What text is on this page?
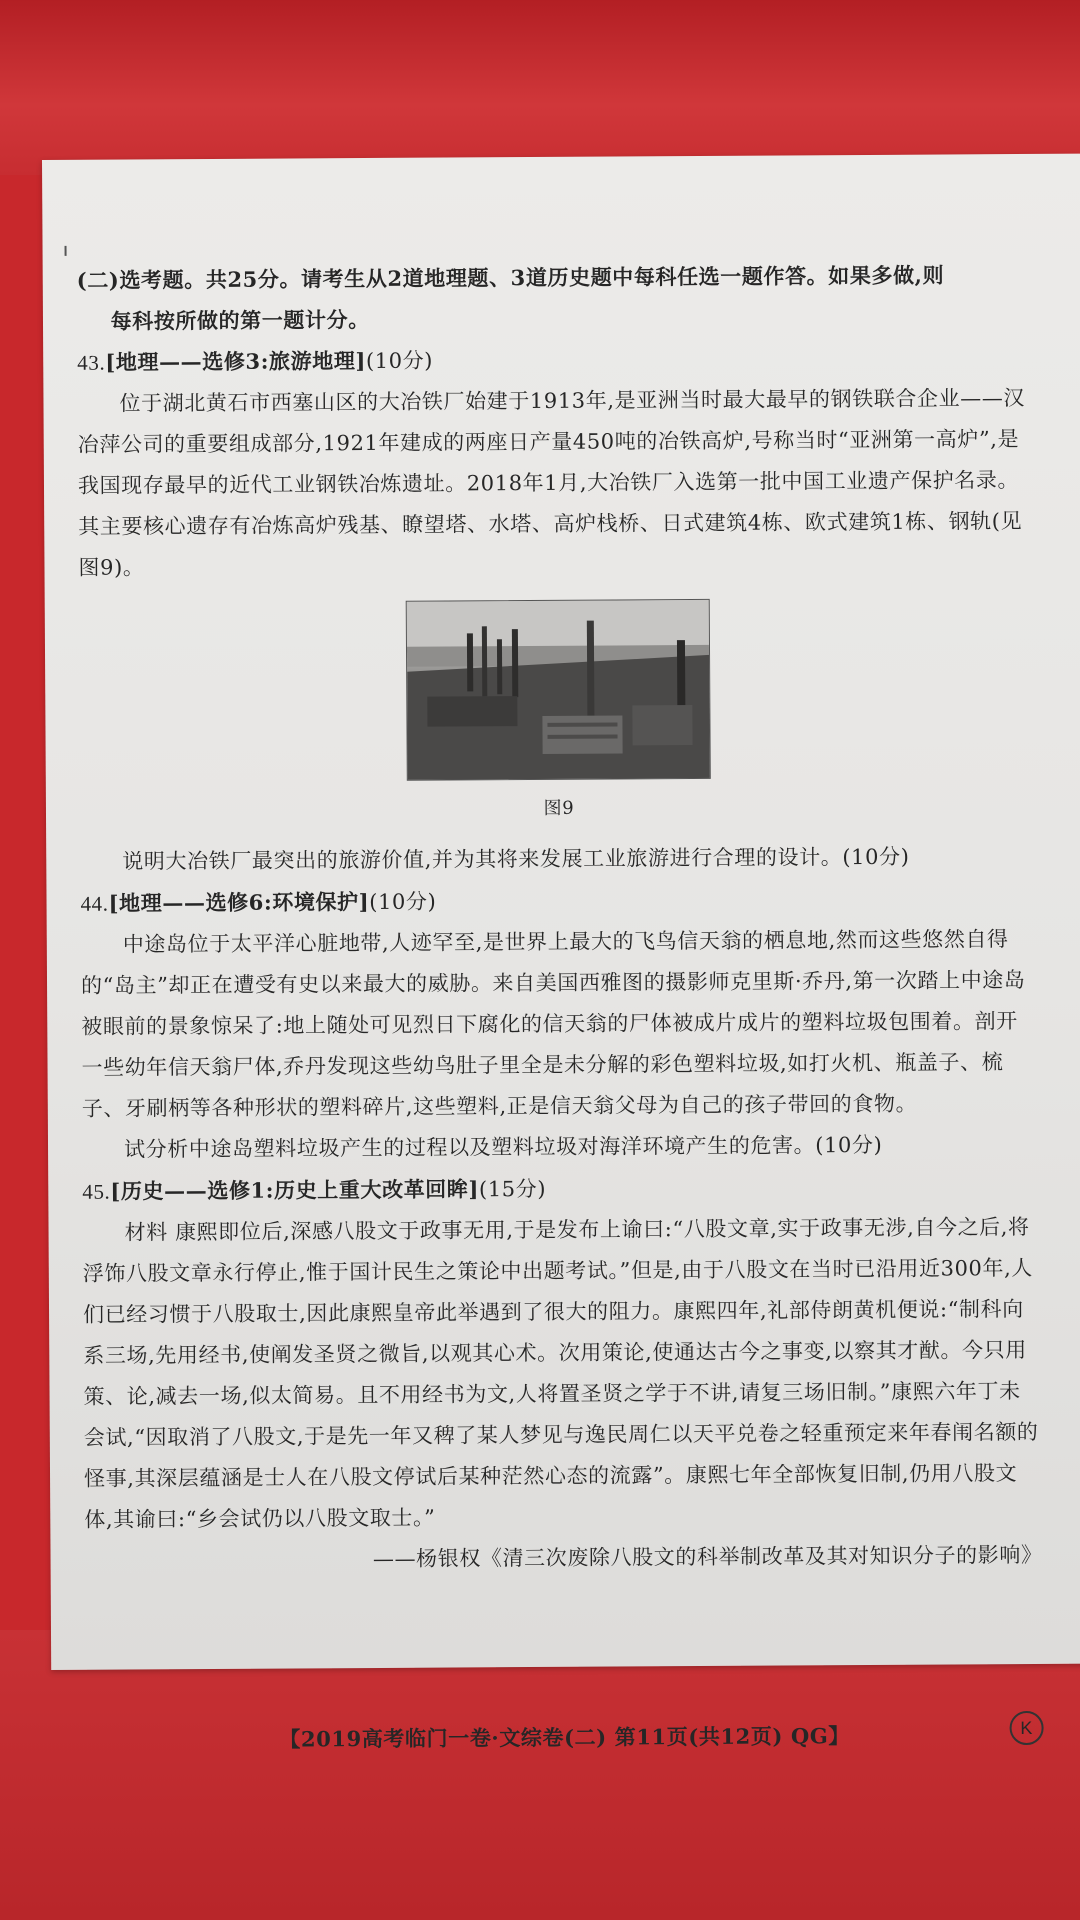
(二)选考题。共25分。请考生从2道地理题、3道历史题中每科任选一题作答。如果多做,则

每科按所做的第一题计分。

43.[地理——选修3:旅游地理](10分)

位于湖北黄石市西塞山区的大冶铁厂始建于1913年,是亚洲当时最大最早的钢铁联合企业——汉冶萍公司的重要组成部分,1921年建成的两座日产量450吨的冶铁高炉,号称当时“亚洲第一高炉”,是我国现存最早的近代工业钢铁冶炼遗址。2018年1月,大冶铁厂入选第一批中国工业遗产保护名录。其主要核心遗存有冶炼高炉残基、瞭望塔、水塔、高炉栈桥、日式建筑4栋、欧式建筑1栋、钢轨(见图9)。

图9

说明大冶铁厂最突出的旅游价值,并为其将来发展工业旅游进行合理的设计。(10分)

44.[地理——选修6:环境保护](10分)

中途岛位于太平洋心脏地带,人迹罕至,是世界上最大的飞鸟信天翁的栖息地,然而这些悠然自得的“岛主”却正在遭受有史以来最大的威胁。来自美国西雅图的摄影师克里斯·乔丹,第一次踏上中途岛被眼前的景象惊呆了:地上随处可见烈日下腐化的信天翁的尸体被成片成片的塑料垃圾包围着。剖开一些幼年信天翁尸体,乔丹发现这些幼鸟肚子里全是未分解的彩色塑料垃圾,如打火机、瓶盖子、梳子、牙刷柄等各种形状的塑料碎片,这些塑料,正是信天翁父母为自己的孩子带回的食物。

试分析中途岛塑料垃圾产生的过程以及塑料垃圾对海洋环境产生的危害。(10分)

45.[历史——选修1:历史上重大改革回眸](15分)

材料 康熙即位后,深感八股文于政事无用,于是发布上谕曰:“八股文章,实于政事无涉,自今之后,将浮饰八股文章永行停止,惟于国计民生之策论中出题考试。”但是,由于八股文在当时已沿用近300年,人们已经习惯于八股取士,因此康熙皇帝此举遇到了很大的阻力。康熙四年,礼部侍朗黄机便说:“制科向系三场,先用经书,使阐发圣贤之微旨,以观其心术。次用策论,使通达古今之事变,以察其才猷。今只用策、论,减去一场,似太简易。且不用经书为文,人将置圣贤之学于不讲,请复三场旧制。”康熙六年丁未会试,“因取消了八股文,于是先一年又稗了某人梦见与逸民周仁以天平兑卷之轻重预定来年春闱名额的怪事,其深层蕴涵是士人在八股文停试后某种茫然心态的流露”。康熙七年全部恢复旧制,仍用八股文体,其谕曰:“乡会试仍以八股文取士。”

——杨银权《清三次废除八股文的科举制改革及其对知识分子的影响》

【2019高考临门一卷·文综卷(二) 第11页(共12页) QG】	K
